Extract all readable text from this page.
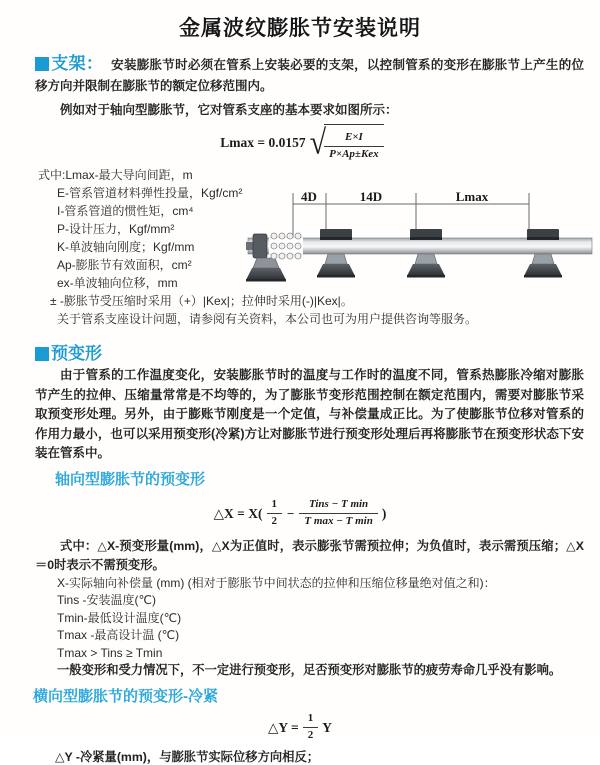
金属波纹膨胀节安装说明

支架： 安装膨胀节时必须在管系上安装必要的支架，以控制管系的变形在膨胀节上产生的位移方向并限制在膨胀节的额定位移范围内。

例如对于轴向型膨胀节，它对管系支座的基本要求如图所示：

Lmax = 0.0157 √
$\frac{E\times I}{\text{P×Ap±Kex}}$
式中:Lmax-最大导向间距，m
E-管系管道材料弹性投量，Kgf/cm²
I-管系管道的惯性矩，cm⁴
P-设计压力，Kgf/mm²
K-单波轴向刚度；Kgf/mm
Ap-膨胀节有效面积，cm²
ex-单波轴向位移，mm
± -膨胀节受压缩时采用（+）|Kex|；拉伸时采用(-)|Kex|。
关于管系支座设计问题，请参阅有关资料，本公司也可为用户提供咨询等服务。
4D	14D	Lmax
预变形

由于管系的工作温度变化，安装膨胀节时的温度与工作时的温度不同，管系热膨胀冷缩对膨胀节产生的拉伸、压缩量常常是不均等的，为了膨胀节变形范围控制在额定范围内，需要对膨胀节采取预变形处理。另外，由于膨账节刚度是一个定值，与补偿量成正比。为了使膨胀节位移对管系的作用力最小，也可以采用预变形(冷紧)方让对膨胀节进行预变形处理后再将膨胀节在预变形状态下安装在管系中。

轴向型膨胀节的预变形
△X = $X( \frac{1}{2} - \frac{\text{Tins − T min}}{\text{T max − T min}}$ )

式中：△X-预变形量(mm)，△X为正值时，表示膨张节需预拉伸；为负值时，表示需预压缩；△X＝0时表示不需预变形。

X-实际轴向补偿量 (mm) (相对于膨胀节中间状态的拉伸和压缩位移量绝对值之和)：
Tins -安装温度(℃)
Tmin-最低设计温度(℃)
Tmax -最高设计温 (℃)
Tmax > Tins ≥ Tmin
一般变形和受力情况下，不一定进行预变形，足否预变形对膨胀节的疲劳寿命几乎没有影响。
横向型膨胀节的预变形-冷紧
△Y = $\frac{1}{2}$ Y
△Y -冷紧量(mm)，与膨胀节实际位移方向相反；
